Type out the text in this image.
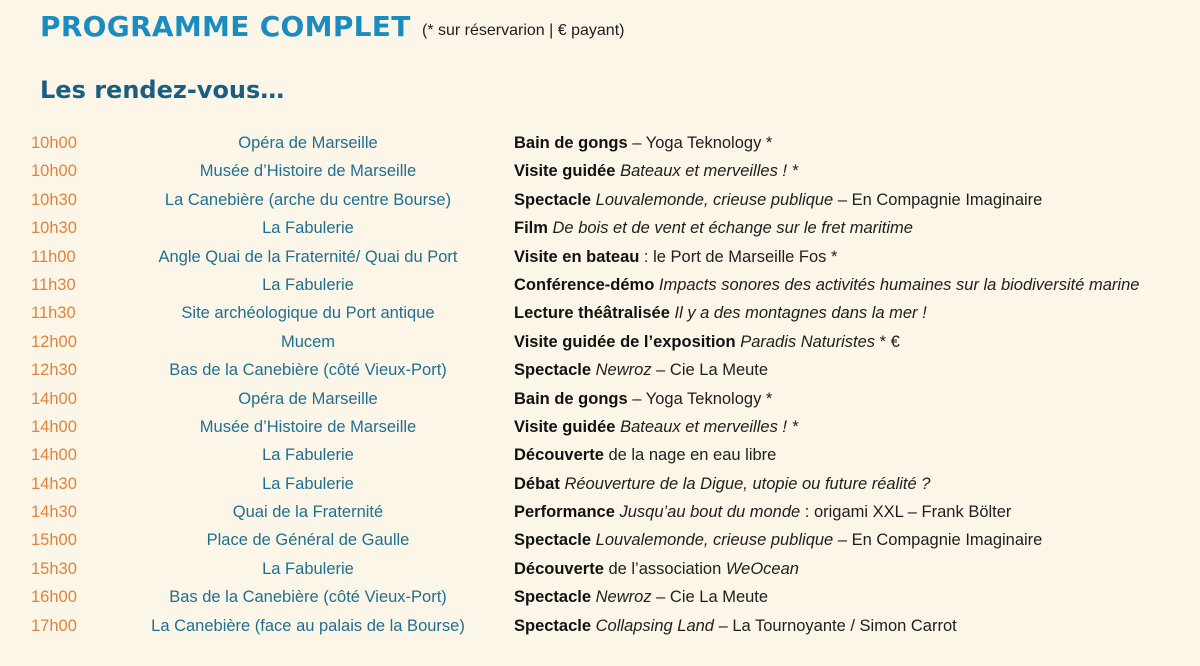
PROGRAMME COMPLET (* sur réservarion | € payant)
Les rendez-vous…
10h00	Opéra de Marseille	Bain de gongs – Yoga Teknology *
10h00	Musée d’Histoire de Marseille	Visite guidée Bateaux et merveilles ! *
10h30	La Canebière (arche du centre Bourse)	Spectacle Louvalemonde, crieuse publique – En Compagnie Imaginaire
10h30	La Fabulerie	Film De bois et de vent et échange sur le fret maritime
11h00	Angle Quai de la Fraternité/ Quai du Port	Visite en bateau : le Port de Marseille Fos *
11h30	La Fabulerie	Conférence-démo Impacts sonores des activités humaines sur la biodiversité marine
11h30	Site archéologique du Port antique	Lecture théâtralisée Il y a des montagnes dans la mer !
12h00	Mucem	Visite guidée de l’exposition Paradis Naturistes * €
12h30	Bas de la Canebière (côté Vieux-Port)	Spectacle Newroz – Cie La Meute
14h00	Opéra de Marseille	Bain de gongs – Yoga Teknology *
14h00	Musée d’Histoire de Marseille	Visite guidée Bateaux et merveilles ! *
14h00	La Fabulerie	Découverte de la nage en eau libre
14h30	La Fabulerie	Débat Réouverture de la Digue, utopie ou future réalité ?
14h30	Quai de la Fraternité	Performance Jusqu’au bout du monde : origami XXL – Frank Bölter
15h00	Place de Général de Gaulle	Spectacle Louvalemonde, crieuse publique – En Compagnie Imaginaire
15h30	La Fabulerie	Découverte de l’association WeOcean
16h00	Bas de la Canebière (côté Vieux-Port)	Spectacle Newroz – Cie La Meute
17h00	La Canebière (face au palais de la Bourse)	Spectacle Collapsing Land – La Tournoyante / Simon Carrot
